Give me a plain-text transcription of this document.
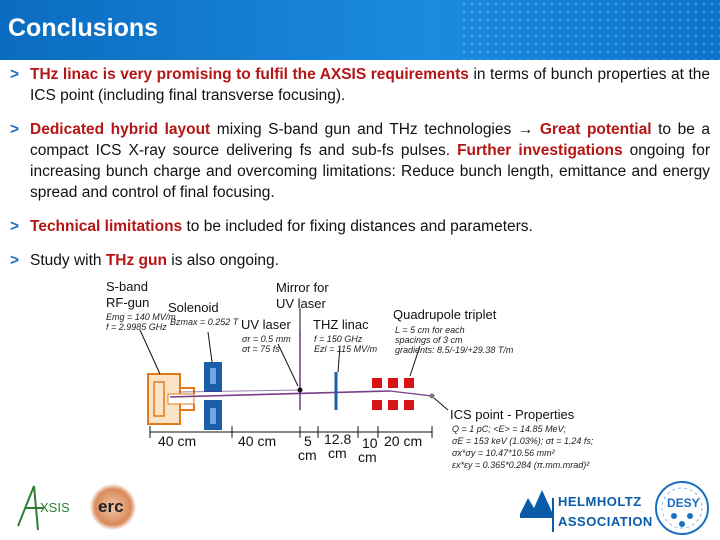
Conclusions
> THz linac is very promising to fulfil the AXSIS requirements in terms of bunch properties at the ICS point (including final transverse focusing).
> Dedicated hybrid layout mixing S-band gun and THz technologies → Great potential to be a compact ICS X-ray source delivering fs and sub-fs pulses. Further investigations ongoing for increasing bunch charge and overcoming limitations: Reduce bunch length, emittance and energy spread and control of final focusing.
> Technical limitations to be included for fixing distances and parameters.
> Study with THz gun is also ongoing.
S-band
RF-gun
Emg = 140 MV/m
f = 2.9985 GHz
Solenoid
Bzmax = 0.252 T
Mirror for
UV laser
UV laser
σr = 0.5 mm
σt = 75 fs
THZ linac
f = 150 GHz
Ezl = 115 MV/m
Quadrupole triplet
L = 5 cm for each
spacings of 3 cm
gradients: 8.5/-19/+29.38 T/m
ICS point - Properties
Q = 1 pC; <E> = 14.85 MeV;
σE = 153 keV (1.03%); σt = 1.24 fs;
σx*σy = 10.47*10.56 mm²
εx*εy = 0.365*0.284 (π.mm.mrad)²
40 cm	40 cm 5
cm
12.8
cm
10
cm
20 cm
XSIS erc	HELMHOLTZ
ASSOCIATION
DESY
